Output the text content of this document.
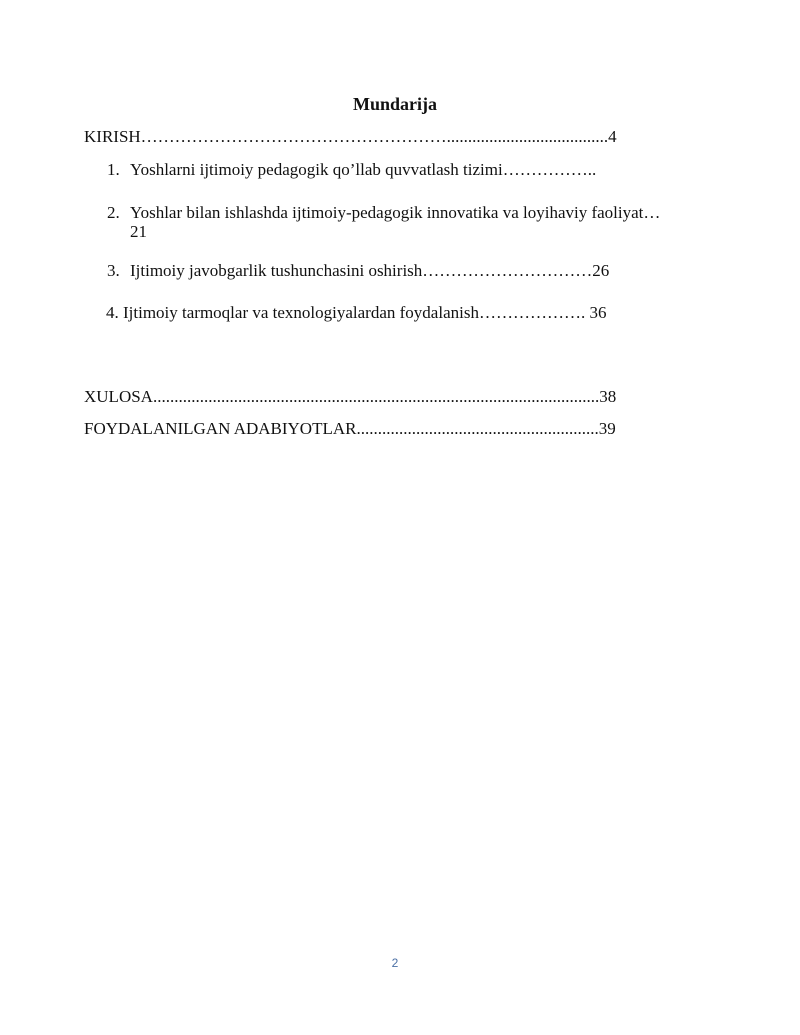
Mundarija
KIRISH………………………………………………......................................4
1. Yoshlarni ijtimoiy pedagogik qo’llab quvvatlash tizimi……………..
2. Yoshlar bilan ishlashda ijtimoiy-pedagogik innovatika va loyihaviy faoliyat…
21
3. Ijtimoiy javobgarlik tushunchasini oshirish…………………………26
4. Ijtimoiy tarmoqlar va texnologiyalardan foydalanish………………. 36
XULOSA.........................................................................................................38
FOYDALANILGAN ADABIYOTLAR.........................................................39
2
